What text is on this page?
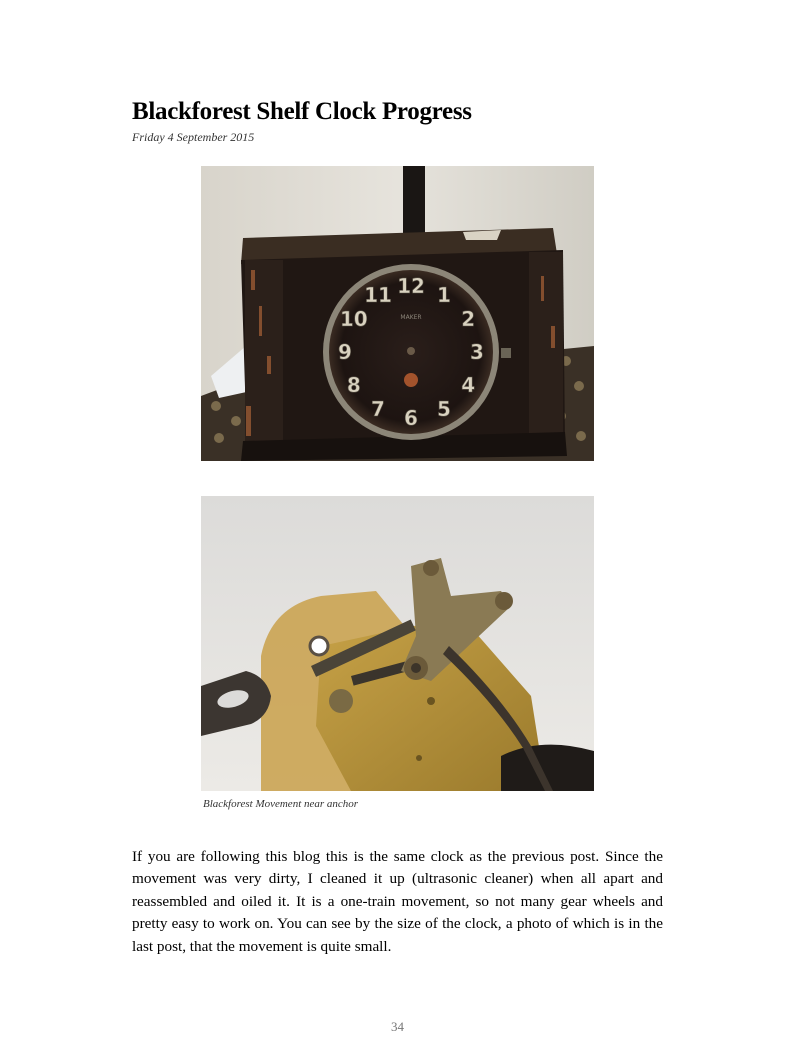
Blackforest Shelf Clock Progress
Friday 4 September 2015
12 1
2
3
4
5
6
7
8
9
10
11
MAKER
Blackforest Movement near anchor

If you are following this blog this is the same clock as the previous post. Since the movement was very dirty, I cleaned it up (ultrasonic cleaner) when all apart and reassembled and oiled it. It is a one-train movement, so not many gear wheels and pretty easy to work on. You can see by the size of the clock, a photo of which is in the last post, that the movement is quite small.

34
